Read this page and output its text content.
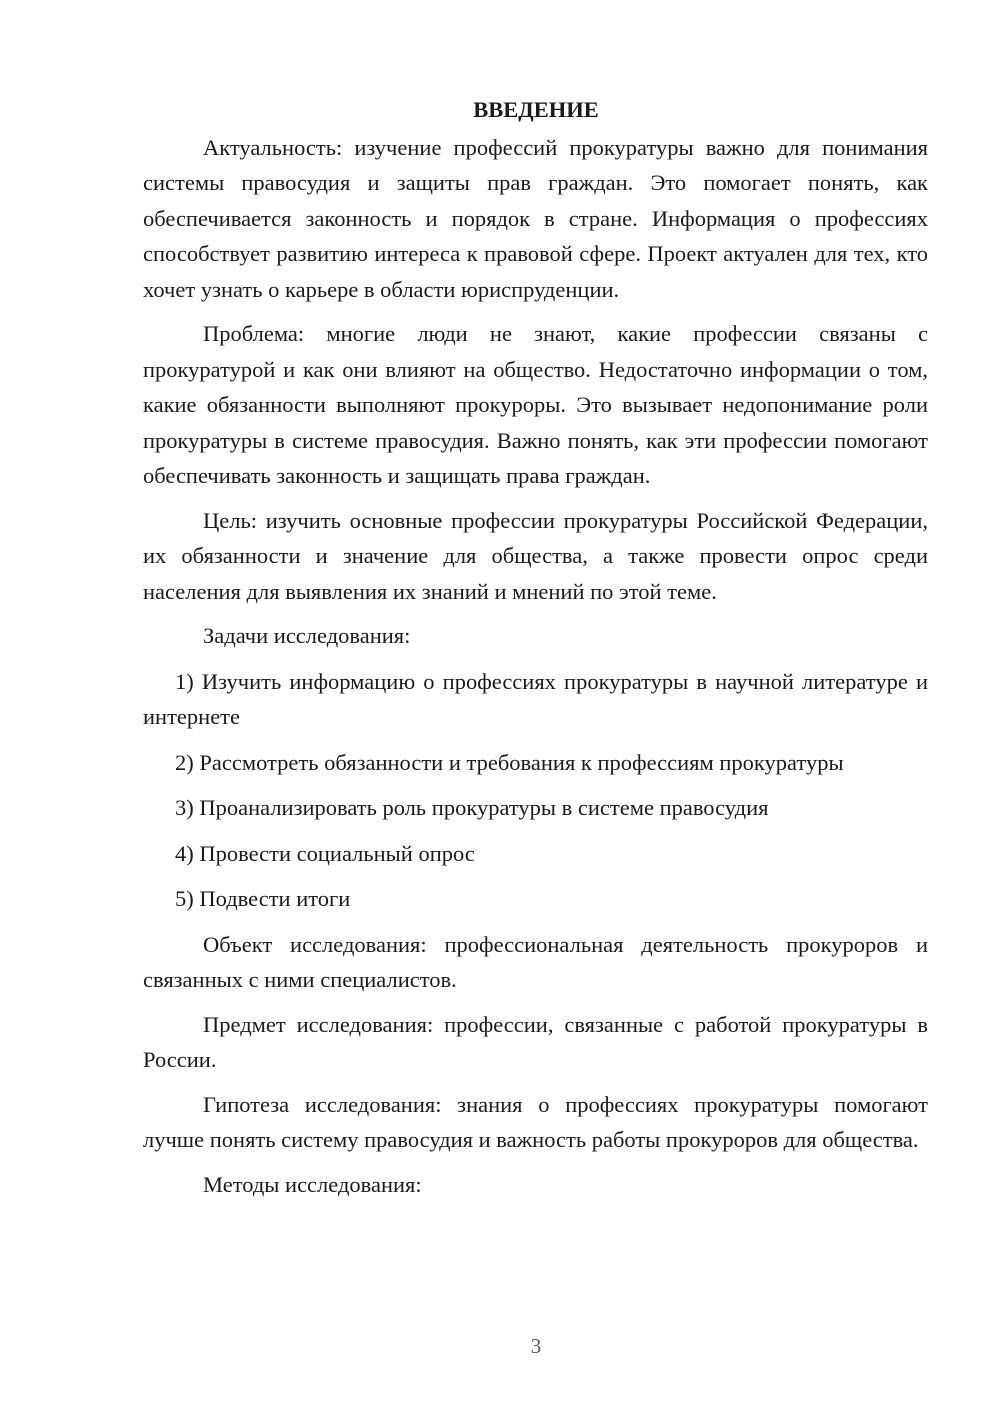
ВВЕДЕНИЕ

Актуальность: изучение профессий прокуратуры важно для понимания системы правосудия и защиты прав граждан. Это помогает понять, как обеспечивается законность и порядок в стране. Информация о профессиях способствует развитию интереса к правовой сфере. Проект актуален для тех, кто хочет узнать о карьере в области юриспруденции.

Проблема: многие люди не знают, какие профессии связаны с прокуратурой и как они влияют на общество. Недостаточно информации о том, какие обязанности выполняют прокуроры. Это вызывает недопонимание роли прокуратуры в системе правосудия. Важно понять, как эти профессии помогают обеспечивать законность и защищать права граждан.

Цель: изучить основные профессии прокуратуры Российской Федерации, их обязанности и значение для общества, а также провести опрос среди населения для выявления их знаний и мнений по этой теме.

Задачи исследования:

1) Изучить информацию о профессиях прокуратуры в научной литературе и интернете

2) Рассмотреть обязанности и требования к профессиям прокуратуры

3) Проанализировать роль прокуратуры в системе правосудия

4) Провести социальный опрос

5) Подвести итоги

Объект исследования: профессиональная деятельность прокуроров и связанных с ними специалистов.

Предмет исследования: профессии, связанные с работой прокуратуры в России.

Гипотеза исследования: знания о профессиях прокуратуры помогают лучше понять систему правосудия и важность работы прокуроров для общества.

Методы исследования:

3
